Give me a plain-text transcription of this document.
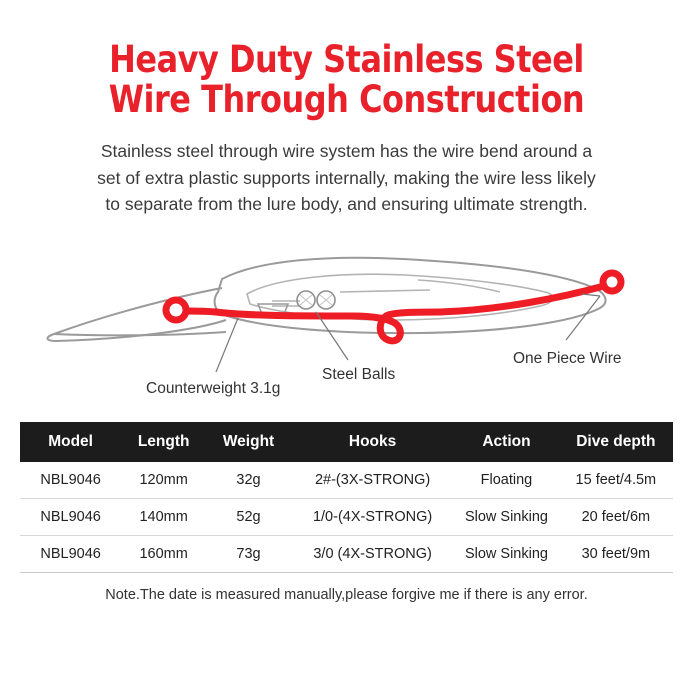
Heavy Duty Stainless Steel
Wire Through Construction
Stainless steel through wire system has the wire bend around a
set of extra plastic supports internally, making the wire less likely
to separate from the lure body, and ensuring ultimate strength.
Counterweight 3.1g
Steel Balls
One Piece Wire
Model	Length	Weight	Hooks	Action	Dive depth
NBL9046	120mm	32g	2#-(3X-STRONG)	Floating	15 feet/4.5m
NBL9046	140mm	52g	1/0-(4X-STRONG)	Slow Sinking	20 feet/6m
NBL9046	160mm	73g	3/0 (4X-STRONG)	Slow Sinking	30 feet/9m
Note.The date is measured manually,please forgive me if there is any error.
